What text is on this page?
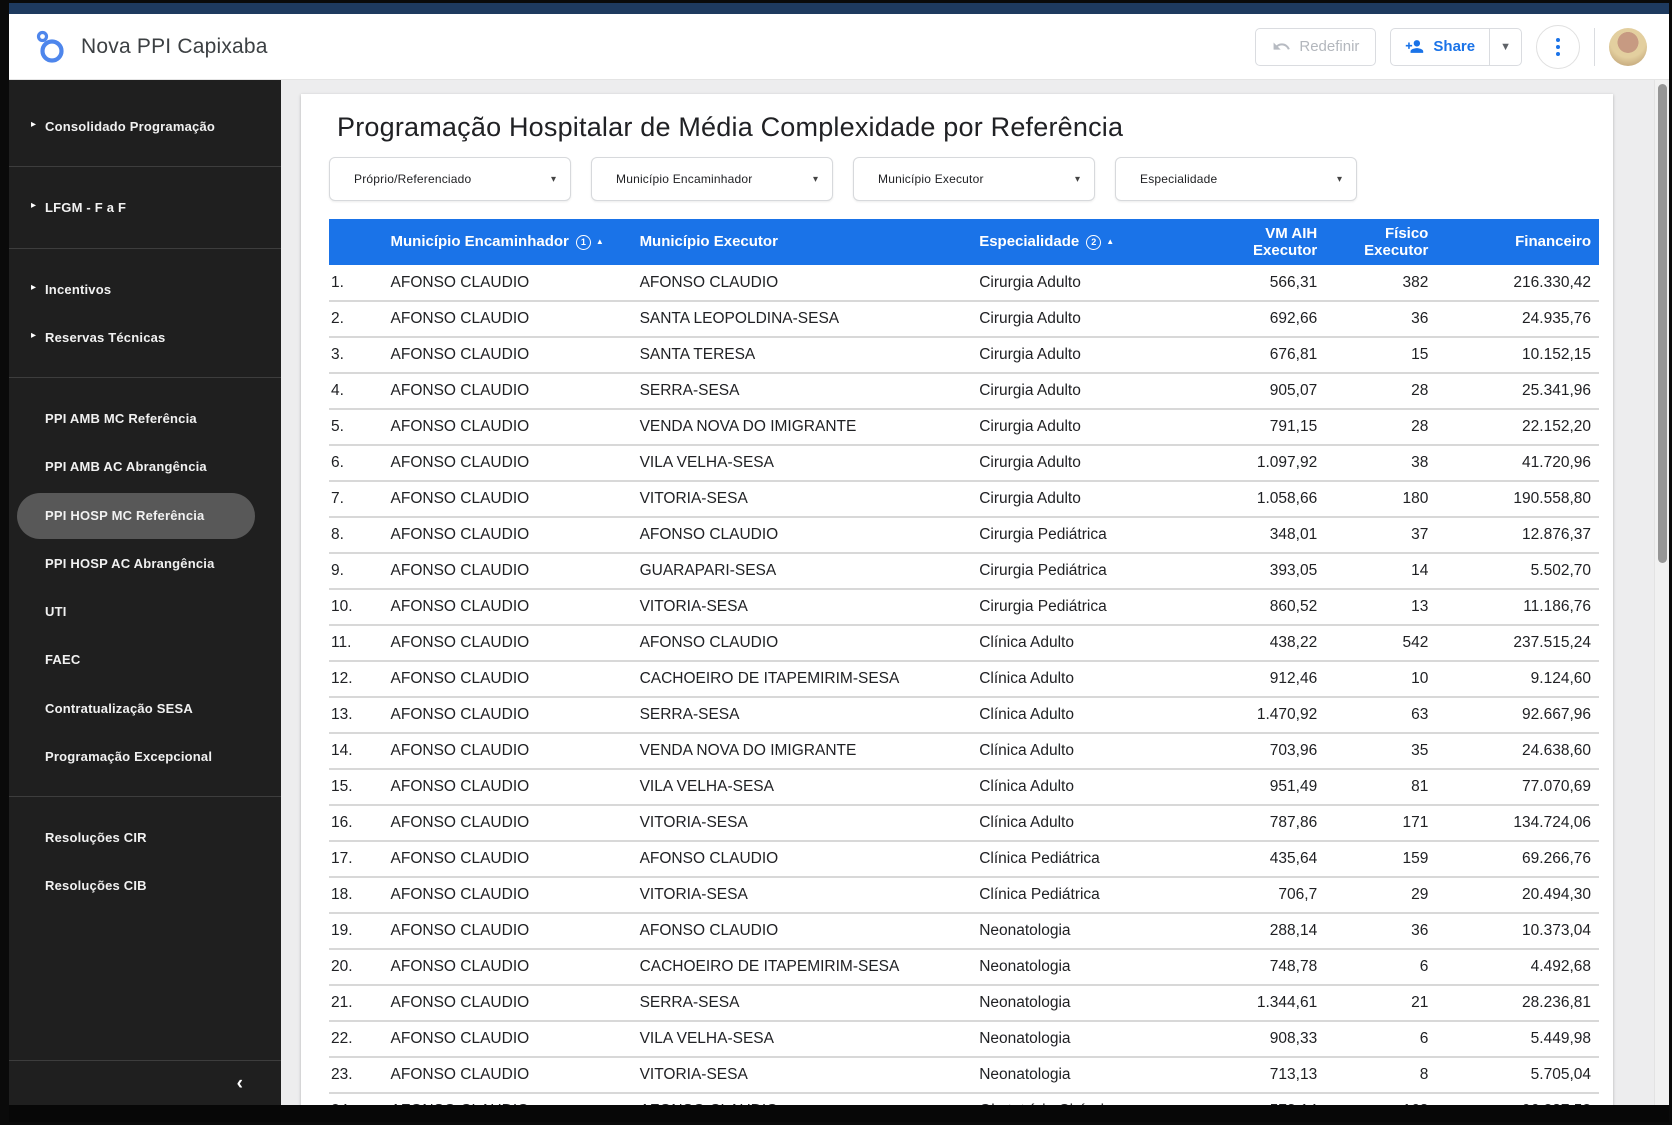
Nova PPI Capixaba	Redefinir	Share	▼
▸ Consolidado Programação
▸ LFGM - F a F
▸ Incentivos
▸ Reservas Técnicas
PPI AMB MC Referência
PPI AMB AC Abrangência
PPI HOSP MC Referência
PPI HOSP AC Abrangência
UTI
FAEC
Contratualização SESA
Programação Excepcional
Resoluções CIR
Resoluções CIB
‹
Programação Hospitalar de Média Complexidade por Referência
Próprio/Referenciado	▾	Município Encaminhador	▾	Município Executor	▾	Especialidade	▾
	Município Encaminhador 1 ▲	Município Executor	Especialidade 2 ▲	VM AIH Executor	Físico Executor	Financeiro
1.	AFONSO CLAUDIO	AFONSO CLAUDIO	Cirurgia Adulto	566,31	382	216.330,42
2.	AFONSO CLAUDIO	SANTA LEOPOLDINA-SESA	Cirurgia Adulto	692,66	36	24.935,76
3.	AFONSO CLAUDIO	SANTA TERESA	Cirurgia Adulto	676,81	15	10.152,15
4.	AFONSO CLAUDIO	SERRA-SESA	Cirurgia Adulto	905,07	28	25.341,96
5.	AFONSO CLAUDIO	VENDA NOVA DO IMIGRANTE	Cirurgia Adulto	791,15	28	22.152,20
6.	AFONSO CLAUDIO	VILA VELHA-SESA	Cirurgia Adulto	1.097,92	38	41.720,96
7.	AFONSO CLAUDIO	VITORIA-SESA	Cirurgia Adulto	1.058,66	180	190.558,80
8.	AFONSO CLAUDIO	AFONSO CLAUDIO	Cirurgia Pediátrica	348,01	37	12.876,37
9.	AFONSO CLAUDIO	GUARAPARI-SESA	Cirurgia Pediátrica	393,05	14	5.502,70
10.	AFONSO CLAUDIO	VITORIA-SESA	Cirurgia Pediátrica	860,52	13	11.186,76
11.	AFONSO CLAUDIO	AFONSO CLAUDIO	Clínica Adulto	438,22	542	237.515,24
12.	AFONSO CLAUDIO	CACHOEIRO DE ITAPEMIRIM-SESA	Clínica Adulto	912,46	10	9.124,60
13.	AFONSO CLAUDIO	SERRA-SESA	Clínica Adulto	1.470,92	63	92.667,96
14.	AFONSO CLAUDIO	VENDA NOVA DO IMIGRANTE	Clínica Adulto	703,96	35	24.638,60
15.	AFONSO CLAUDIO	VILA VELHA-SESA	Clínica Adulto	951,49	81	77.070,69
16.	AFONSO CLAUDIO	VITORIA-SESA	Clínica Adulto	787,86	171	134.724,06
17.	AFONSO CLAUDIO	AFONSO CLAUDIO	Clínica Pediátrica	435,64	159	69.266,76
18.	AFONSO CLAUDIO	VITORIA-SESA	Clínica Pediátrica	706,7	29	20.494,30
19.	AFONSO CLAUDIO	AFONSO CLAUDIO	Neonatologia	288,14	36	10.373,04
20.	AFONSO CLAUDIO	CACHOEIRO DE ITAPEMIRIM-SESA	Neonatologia	748,78	6	4.492,68
21.	AFONSO CLAUDIO	SERRA-SESA	Neonatologia	1.344,61	21	28.236,81
22.	AFONSO CLAUDIO	VILA VELHA-SESA	Neonatologia	908,33	6	5.449,98
23.	AFONSO CLAUDIO	VITORIA-SESA	Neonatologia	713,13	8	5.705,04
